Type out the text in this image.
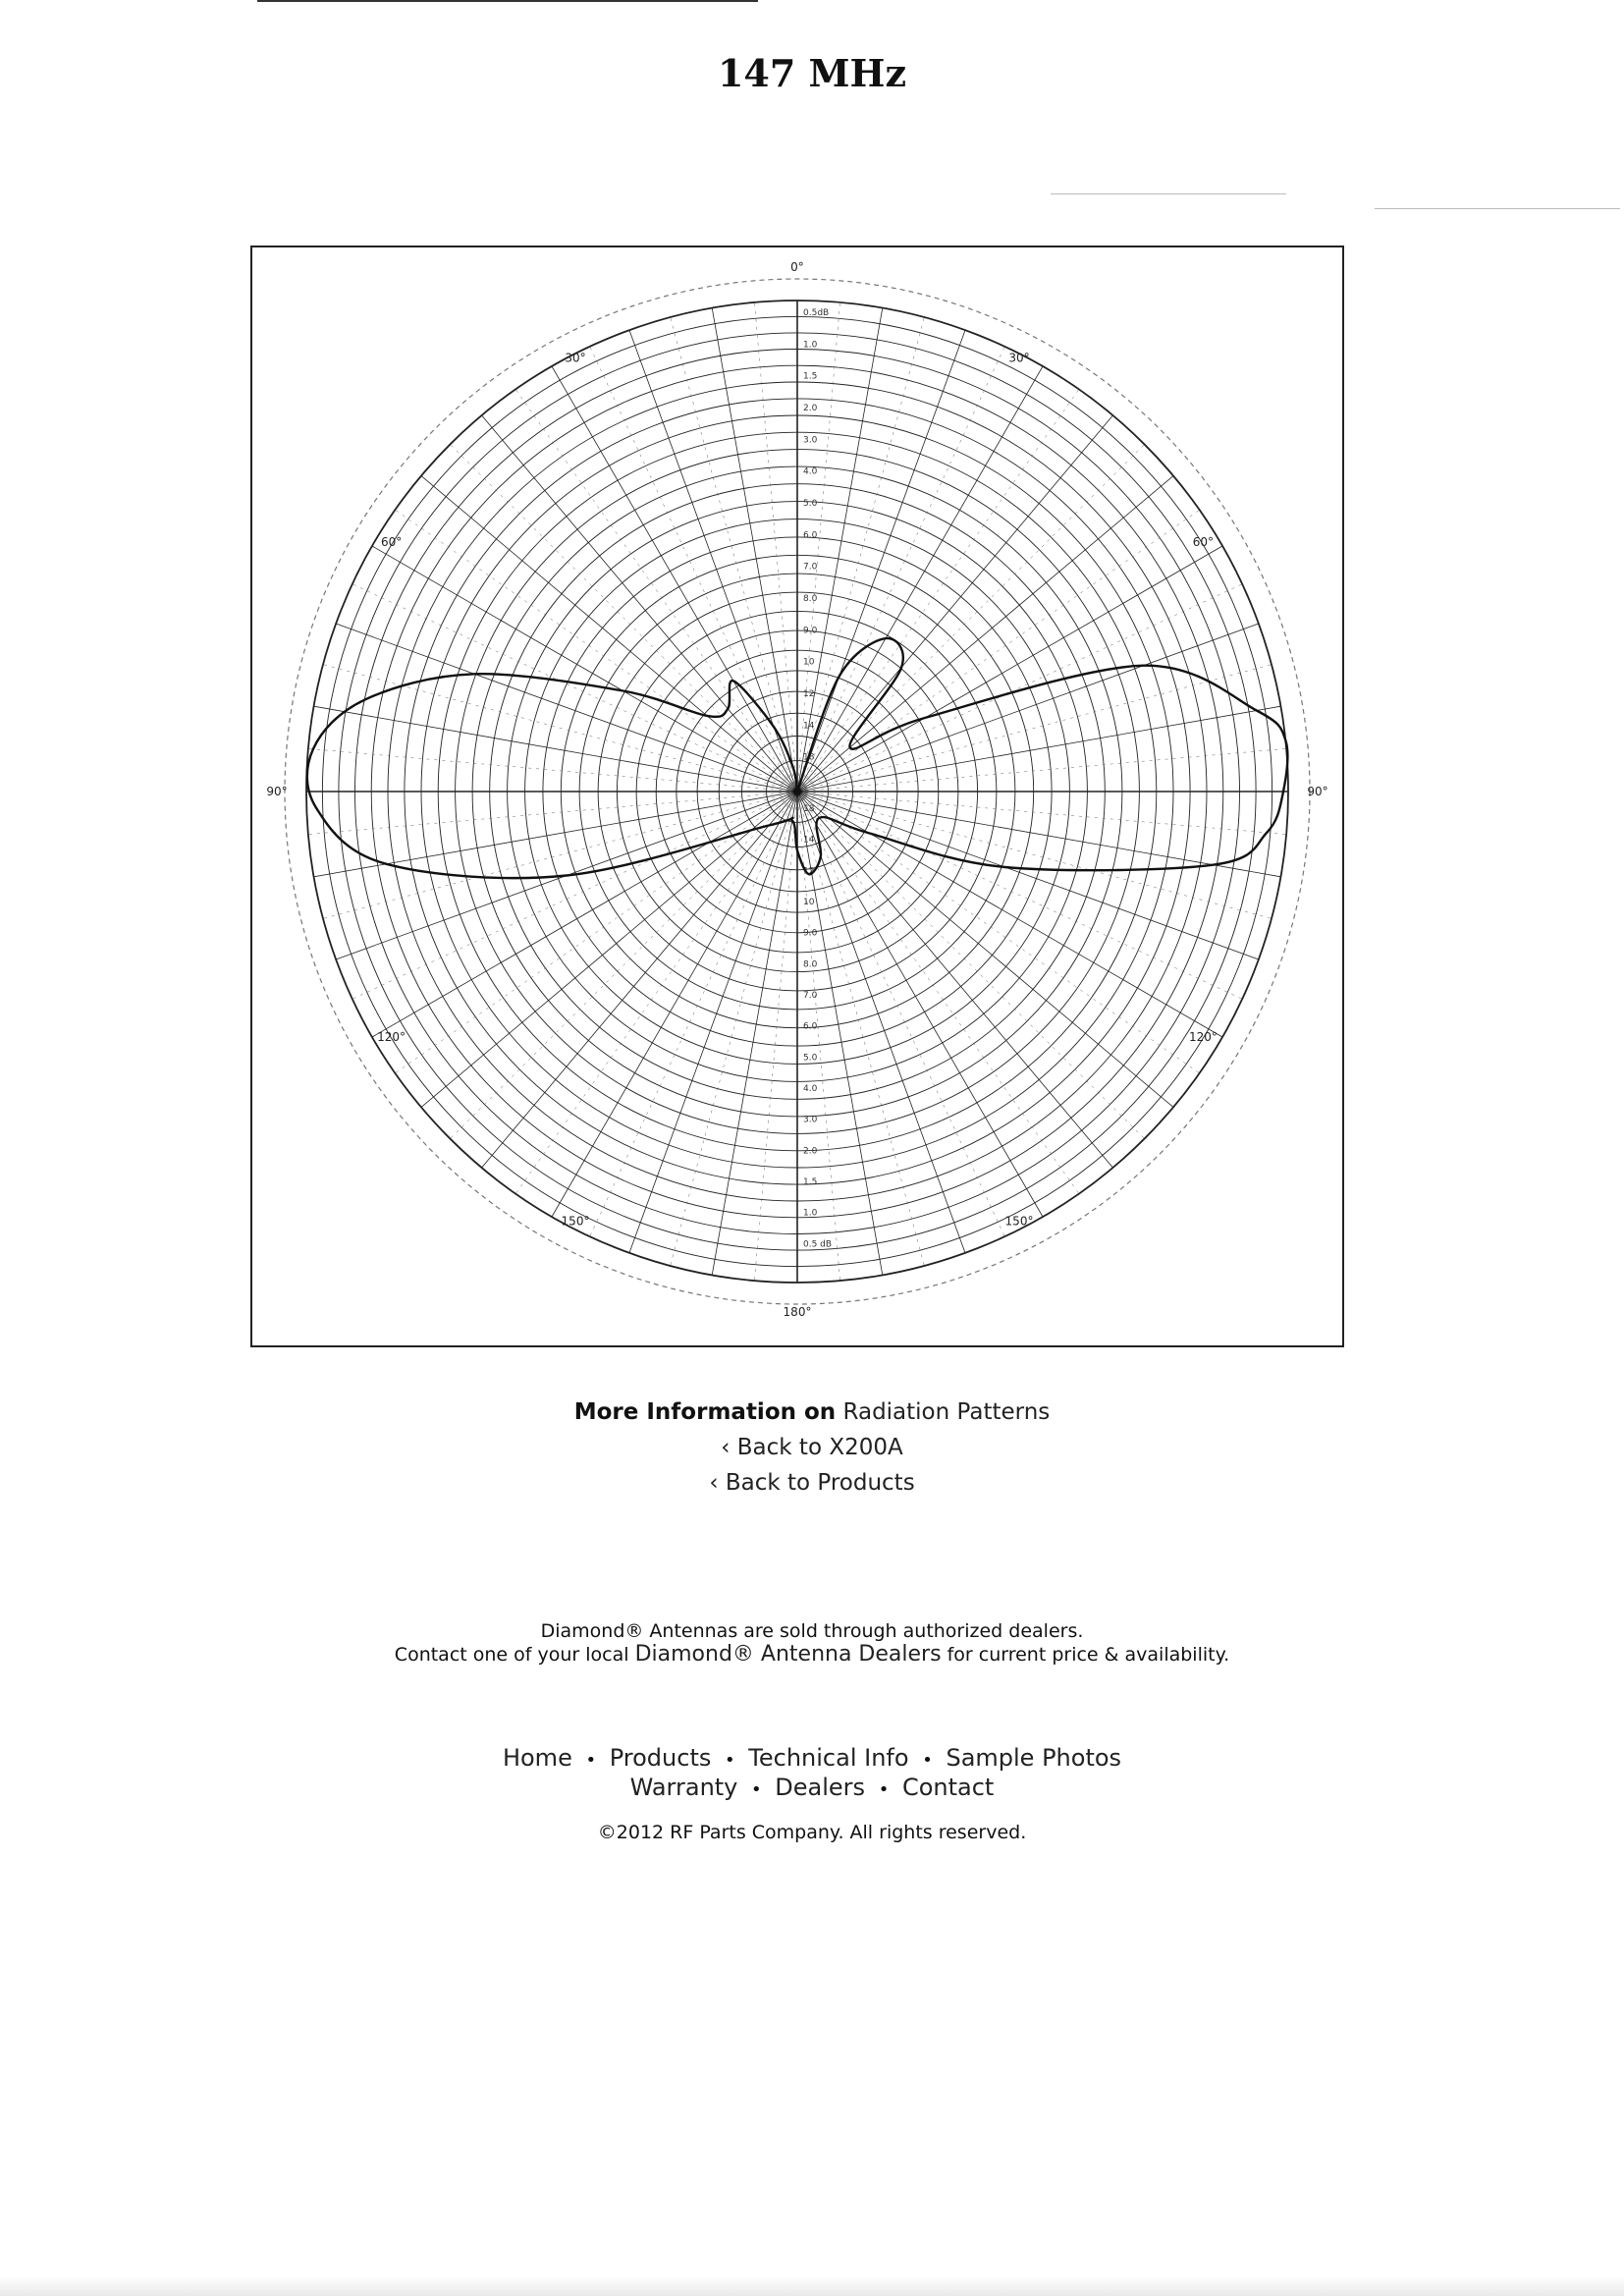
147 MHz
0°
30°
60°
90°
120°
150°
180°
30°
60°
90°
120°
150°
0.5dB
1.0
1.5
2.0
3.0
4.0
5.0
6.0
7.0
8.0
9.0
10
12
14
18
18
14
12
10
9.0
8.0
7.0
6.0
5.0
4.0
3.0
2.0
1.5
1.0
0.5 dB
More Information on Radiation Patterns
‹ Back to X200A
‹ Back to Products
Diamond® Antennas are sold through authorized dealers.
Contact one of your local Diamond® Antenna Dealers for current price & availability.
Home • Products • Technical Info • Sample Photos
Warranty • Dealers • Contact
©2012 RF Parts Company. All rights reserved.
